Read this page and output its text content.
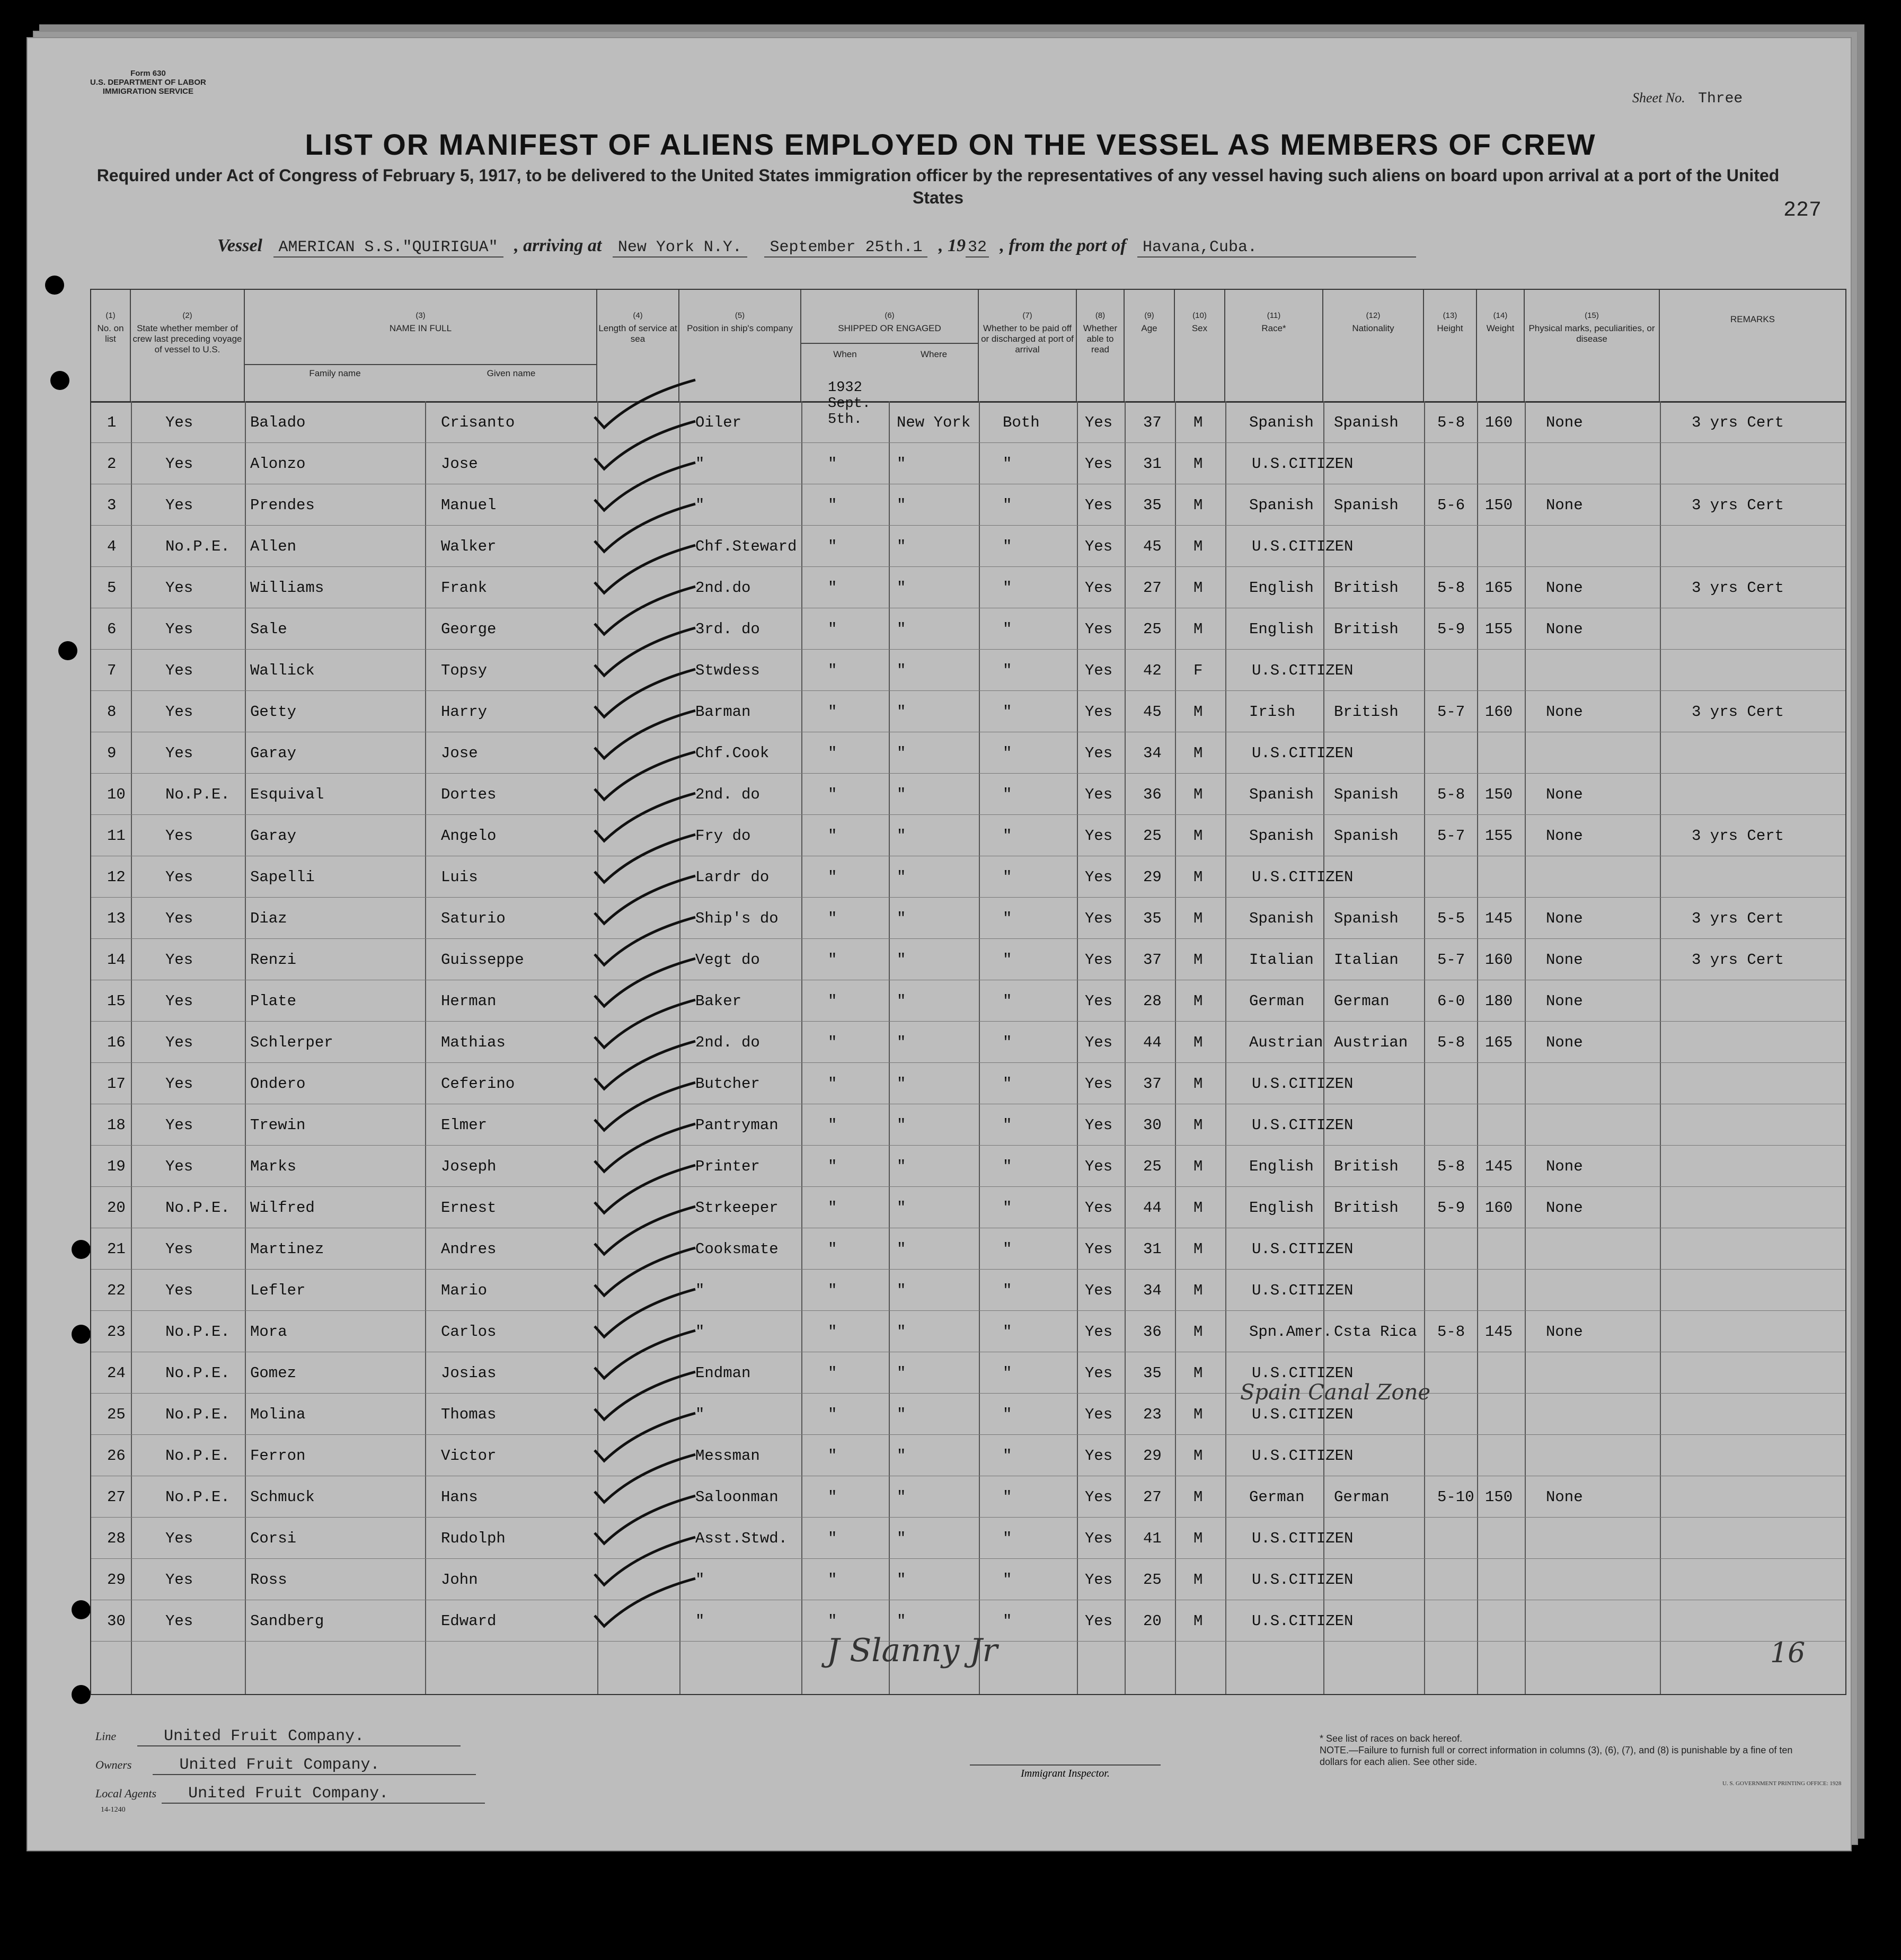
Form 630
U.S. DEPARTMENT OF LABOR
IMMIGRATION SERVICE	Sheet No. Three
LIST OR MANIFEST OF ALIENS EMPLOYED ON THE VESSEL AS MEMBERS OF CREW
Required under Act of Congress of February 5, 1917, to be delivered to the United States immigration officer by the representatives of any vessel having such aliens on board upon arrival at a port of the United States
227
Vessel AMERICAN S.S."QUIRIGUA" , arriving at New York N.Y. September 25th.1 , 19 32 , from the port of Havana,Cuba.
(1)
No. on list
(2)
State whether member of crew last preceding voyage of vessel to U.S.
(3)
NAME IN FULL
Family name	Given name
(4)
Length of service at sea
(5)
Position in ship's company
(6)
SHIPPED OR ENGAGED
When	Where
(7)
Whether to be paid off or discharged at port of arrival
(8)
Whether able to read
(9)
Age
(10)
Sex
(11)
Race*
(12)
Nationality
(13)
Height
(14)
Weight
(15)
Physical marks, peculiarities, or disease
REMARKS
1	Yes	Balado	Crisanto	Oiler
1932 Sept. 5th.	New York Both	Yes 37 M	Spanish Spanish	5-8 160 None	3 yrs Cert
2	Yes	Alonzo	Jose	"	"	"	"	Yes 31 M	U.S.CITIZEN
3	Yes	Prendes	Manuel	"	"	"	"	Yes 35 M	Spanish Spanish	5-6 150 None	3 yrs Cert
4	No.P.E. Allen	Walker	Chf.Steward "	"	"	Yes 45 M	U.S.CITIZEN
5	Yes	Williams	Frank	2nd.do	"	"	"	Yes 27 M	English British	5-8 165 None	3 yrs Cert
6	Yes	Sale	George	3rd. do	"	"	"	Yes 25 M	English British	5-9 155 None
7	Yes	Wallick	Topsy	Stwdess	"	"	"	Yes 42 F	U.S.CITIZEN
8	Yes	Getty	Harry	Barman	"	"	"	Yes 45 M	Irish	British	5-7 160 None	3 yrs Cert
9	Yes	Garay	Jose	Chf.Cook	"	"	"	Yes 34 M	U.S.CITIZEN
10	No.P.E. Esquival	Dortes	2nd. do	"	"	"	Yes 36 M	Spanish Spanish	5-8 150 None
11	Yes	Garay	Angelo	Fry do	"	"	"	Yes 25 M	Spanish Spanish	5-7 155 None	3 yrs Cert
12	Yes	Sapelli	Luis	Lardr do	"	"	"	Yes 29 M	U.S.CITIZEN
13	Yes	Diaz	Saturio	Ship's do	"	"	"	Yes 35 M	Spanish Spanish	5-5 145 None	3 yrs Cert
14	Yes	Renzi	Guisseppe	Vegt do	"	"	"	Yes 37 M	Italian Italian	5-7 160 None	3 yrs Cert
15	Yes	Plate	Herman	Baker	"	"	"	Yes 28 M	German German	6-0 180 None
16	Yes	Schlerper	Mathias	2nd. do	"	"	"	Yes 44 M	Austrian Austrian 5-8 165 None
17	Yes	Ondero	Ceferino	Butcher	"	"	"	Yes 37 M	U.S.CITIZEN
18	Yes	Trewin	Elmer	Pantryman	"	"	"	Yes 30 M	U.S.CITIZEN
19	Yes	Marks	Joseph	Printer	"	"	"	Yes 25 M	English British	5-8 145 None
20	No.P.E. Wilfred	Ernest	Strkeeper	"	"	"	Yes 44 M	English British	5-9 160 None
21	Yes	Martinez	Andres	Cooksmate	"	"	"	Yes 31 M	U.S.CITIZEN
22	Yes	Lefler	Mario	"	"	"	"	Yes 34 M	U.S.CITIZEN
23	No.P.E. Mora	Carlos	"	"	"	"	Yes 36 M	Spn.Amer. Csta Rica 5-8 145 None
24	No.P.E. Gomez	Josias	Endman	"	"	"	Yes 35 M	U.S.CITIZEN
25	No.P.E. Molina	Thomas	"	"	"	"	Yes 23 M	U.S.CITIZEN
26	No.P.E. Ferron	Victor	Messman	"	"	"	Yes 29 M	U.S.CITIZEN
27	No.P.E. Schmuck	Hans	Saloonman	"	"	"	Yes 27 M	German German	5-10 150 None
28	Yes	Corsi	Rudolph	Asst.Stwd.	"	"	"	Yes 41 M	U.S.CITIZEN
29	Yes	Ross	John	"	"	"	"	Yes 25 M	U.S.CITIZEN
30	Yes	Sandberg	Edward	"	"	"	"	Yes 20 M	U.S.CITIZEN
J Slanny Jr	16
Spain Canal Zone
Line	United Fruit Company.
Owners	United Fruit Company.
Local Agents United Fruit Company.
14-1240
Immigrant Inspector.
* See list of races on back hereof.
NOTE.—Failure to furnish full or correct information in columns (3), (6), (7), and (8) is punishable by a fine of ten dollars for each alien. See other side.
U. S. GOVERNMENT PRINTING OFFICE: 1928
